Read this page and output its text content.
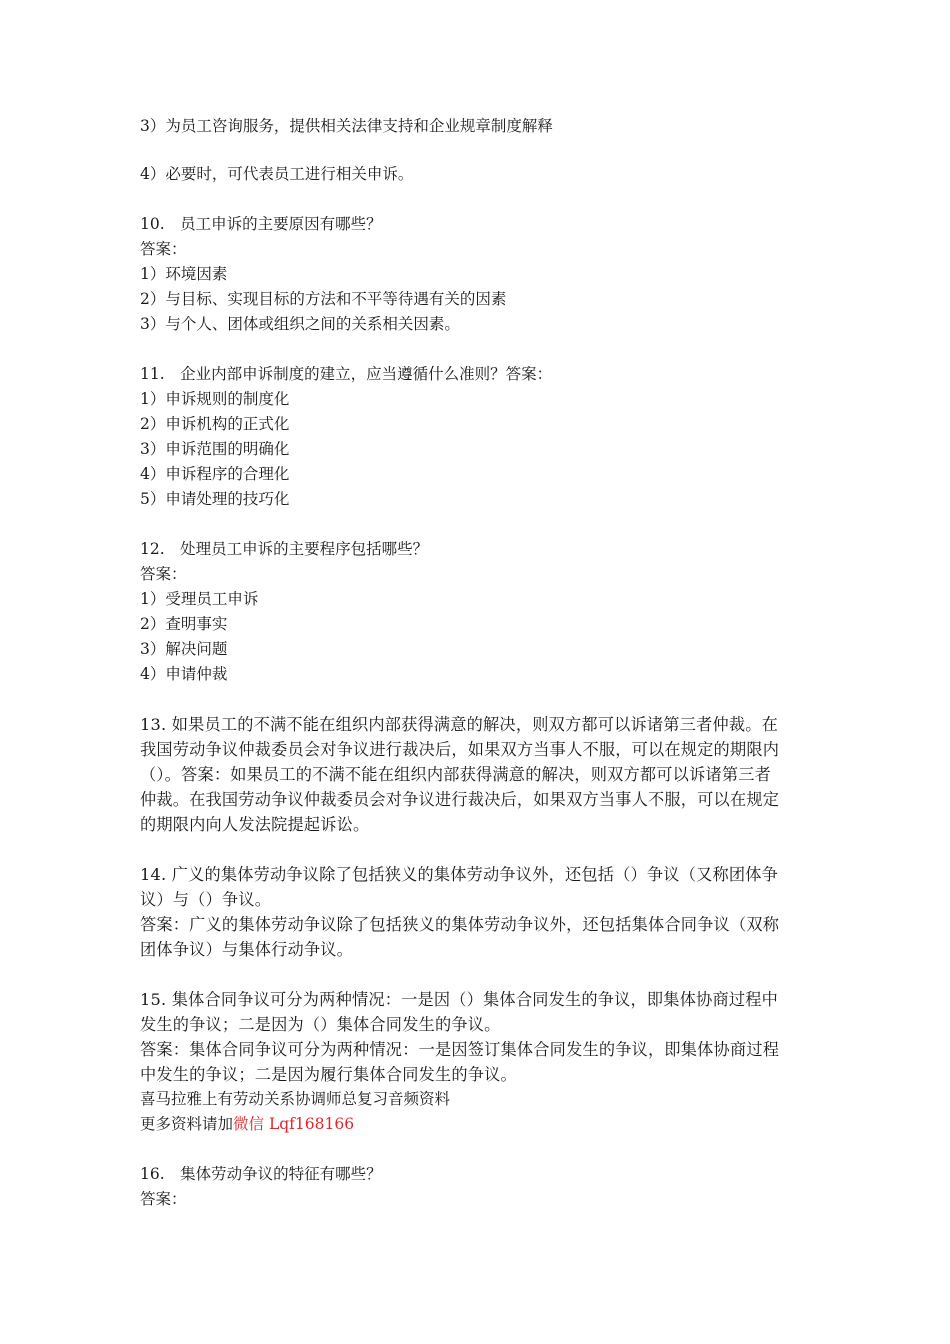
3）为员工咨询服务，提供相关法律支持和企业规章制度解释
4）必要时，可代表员工进行相关申诉。
10.　员工申诉的主要原因有哪些？
答案：
1）环境因素
2）与目标、实现目标的方法和不平等待遇有关的因素
3）与个人、团体或组织之间的关系相关因素。
11.　企业内部申诉制度的建立，应当遵循什么准则？答案：
1）申诉规则的制度化
2）申诉机构的正式化
3）申诉范围的明确化
4）申诉程序的合理化
5）申请处理的技巧化
12.　处理员工申诉的主要程序包括哪些？
答案：
1）受理员工申诉
2）查明事实
3）解决问题
4）申请仲裁
13. 如果员工的不满不能在组织内部获得满意的解决，则双方都可以诉诸第三者仲裁。在
我国劳动争议仲裁委员会对争议进行裁决后，如果双方当事人不服，可以在规定的期限内
（）。答案：如果员工的不满不能在组织内部获得满意的解决，则双方都可以诉诸第三者
仲裁。在我国劳动争议仲裁委员会对争议进行裁决后，如果双方当事人不服，可以在规定
的期限内向人发法院提起诉讼。
14. 广义的集体劳动争议除了包括狭义的集体劳动争议外，还包括（）争议（又称团体争
议）与（）争议。
答案：广义的集体劳动争议除了包括狭义的集体劳动争议外，还包括集体合同争议（双称
团体争议）与集体行动争议。
15. 集体合同争议可分为两种情况：一是因（）集体合同发生的争议，即集体协商过程中
发生的争议；二是因为（）集体合同发生的争议。
答案：集体合同争议可分为两种情况：一是因签订集体合同发生的争议，即集体协商过程
中发生的争议；二是因为履行集体合同发生的争议。
喜马拉雅上有劳动关系协调师总复习音频资料
更多资料请加微信 Lqf168166
16.　集体劳动争议的特征有哪些？
答案：
